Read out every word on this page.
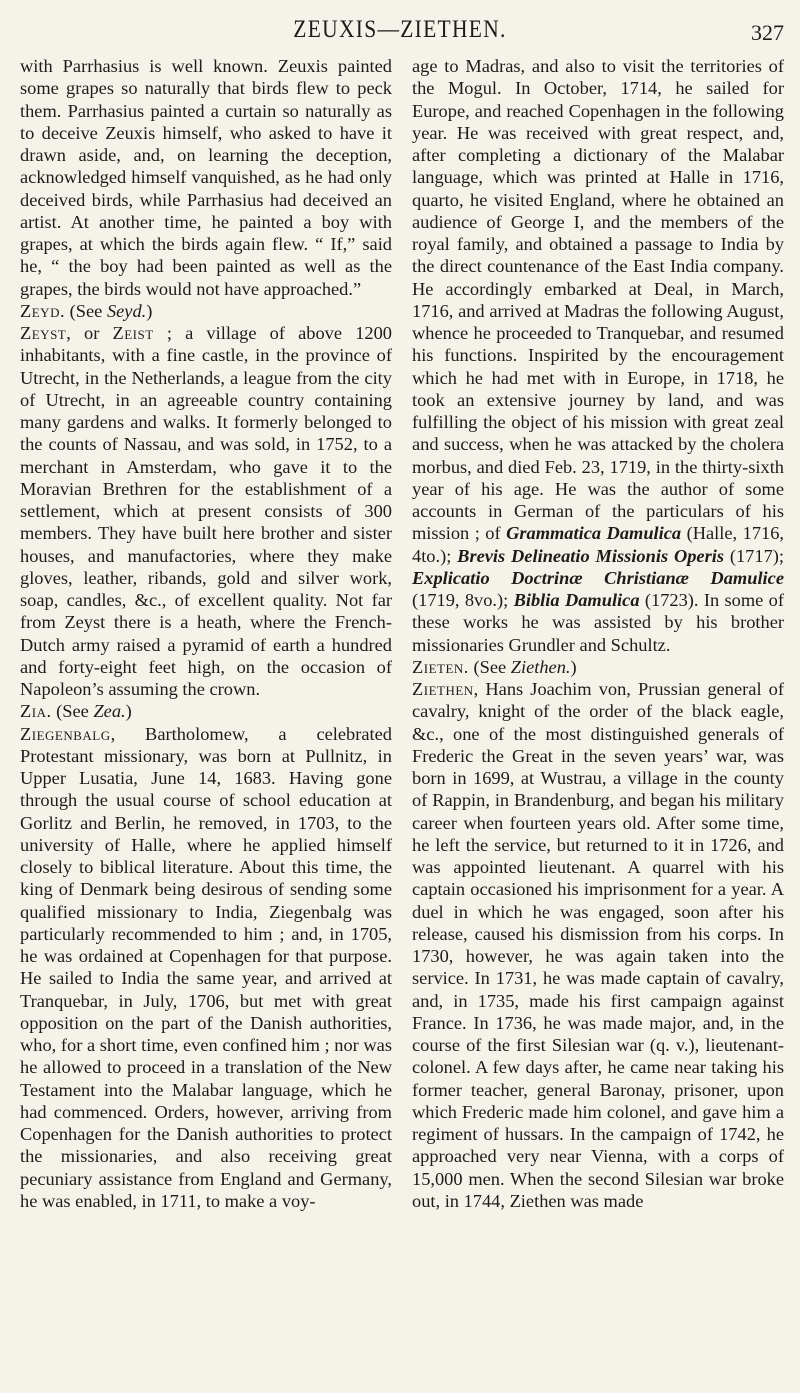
ZEUXIS—ZIETHEN.	327

with Parrhasius is well known. Zeuxis painted some grapes so naturally that birds flew to peck them. Parrhasius painted a curtain so naturally as to deceive Zeuxis himself, who asked to have it drawn aside, and, on learning the deception, acknowledged himself vanquished, as he had only deceived birds, while Parrhasius had deceived an artist. At another time, he painted a boy with grapes, at which the birds again flew. “ If,” said he, “ the boy had been painted as well as the grapes, the birds would not have approached.”

Zeyd. (See Seyd.)

Zeyst, or Zeist ; a village of above 1200 inhabitants, with a fine castle, in the province of Utrecht, in the Netherlands, a league from the city of Utrecht, in an agreeable country containing many gardens and walks. It formerly belonged to the counts of Nassau, and was sold, in 1752, to a merchant in Amsterdam, who gave it to the Moravian Brethren for the establishment of a settlement, which at present consists of 300 members. They have built here brother and sister houses, and manufactories, where they make gloves, leather, ribands, gold and silver work, soap, candles, &c., of excellent quality. Not far from Zeyst there is a heath, where the French-Dutch army raised a pyramid of earth a hundred and forty-eight feet high, on the occasion of Napoleon’s assuming the crown.

Zia. (See Zea.)

Ziegenbalg, Bartholomew, a celebrated Protestant missionary, was born at Pullnitz, in Upper Lusatia, June 14, 1683. Having gone through the usual course of school education at Gorlitz and Berlin, he removed, in 1703, to the university of Halle, where he applied himself closely to biblical literature. About this time, the king of Denmark being desirous of sending some qualified missionary to India, Ziegenbalg was particularly recommended to him ; and, in 1705, he was ordained at Copenhagen for that purpose. He sailed to India the same year, and arrived at Tranquebar, in July, 1706, but met with great opposition on the part of the Danish authorities, who, for a short time, even confined him ; nor was he allowed to proceed in a translation of the New Testament into the Malabar language, which he had commenced. Orders, however, arriving from Copenhagen for the Danish authorities to protect the missionaries, and also receiving great pecuniary assistance from England and Germany, he was enabled, in 1711, to make a voy-

age to Madras, and also to visit the territories of the Mogul. In October, 1714, he sailed for Europe, and reached Copenhagen in the following year. He was received with great respect, and, after completing a dictionary of the Malabar language, which was printed at Halle in 1716, quarto, he visited England, where he obtained an audience of George I, and the members of the royal family, and obtained a passage to India by the direct countenance of the East India company. He accordingly embarked at Deal, in March, 1716, and arrived at Madras the following August, whence he proceeded to Tranquebar, and resumed his functions. Inspirited by the encouragement which he had met with in Europe, in 1718, he took an extensive journey by land, and was fulfilling the object of his mission with great zeal and success, when he was attacked by the cholera morbus, and died Feb. 23, 1719, in the thirty-sixth year of his age. He was the author of some accounts in German of the particulars of his mission ; of Grammatica Damulica (Halle, 1716, 4to.); Brevis Delineatio Missionis Operis (1717); Explicatio Doctrinæ Christianæ Damulice (1719, 8vo.); Biblia Damulica (1723). In some of these works he was assisted by his brother missionaries Grundler and Schultz.

Zieten. (See Ziethen.)

Ziethen, Hans Joachim von, Prussian general of cavalry, knight of the order of the black eagle, &c., one of the most distinguished generals of Frederic the Great in the seven years’ war, was born in 1699, at Wustrau, a village in the county of Rappin, in Brandenburg, and began his military career when fourteen years old. After some time, he left the service, but returned to it in 1726, and was appointed lieutenant. A quarrel with his captain occasioned his imprisonment for a year. A duel in which he was engaged, soon after his release, caused his dismission from his corps. In 1730, however, he was again taken into the service. In 1731, he was made captain of cavalry, and, in 1735, made his first campaign against France. In 1736, he was made major, and, in the course of the first Silesian war (q. v.), lieutenant-colonel. A few days after, he came near taking his former teacher, general Baronay, prisoner, upon which Frederic made him colonel, and gave him a regiment of hussars. In the campaign of 1742, he approached very near Vienna, with a corps of 15,000 men. When the second Silesian war broke out, in 1744, Ziethen was made
